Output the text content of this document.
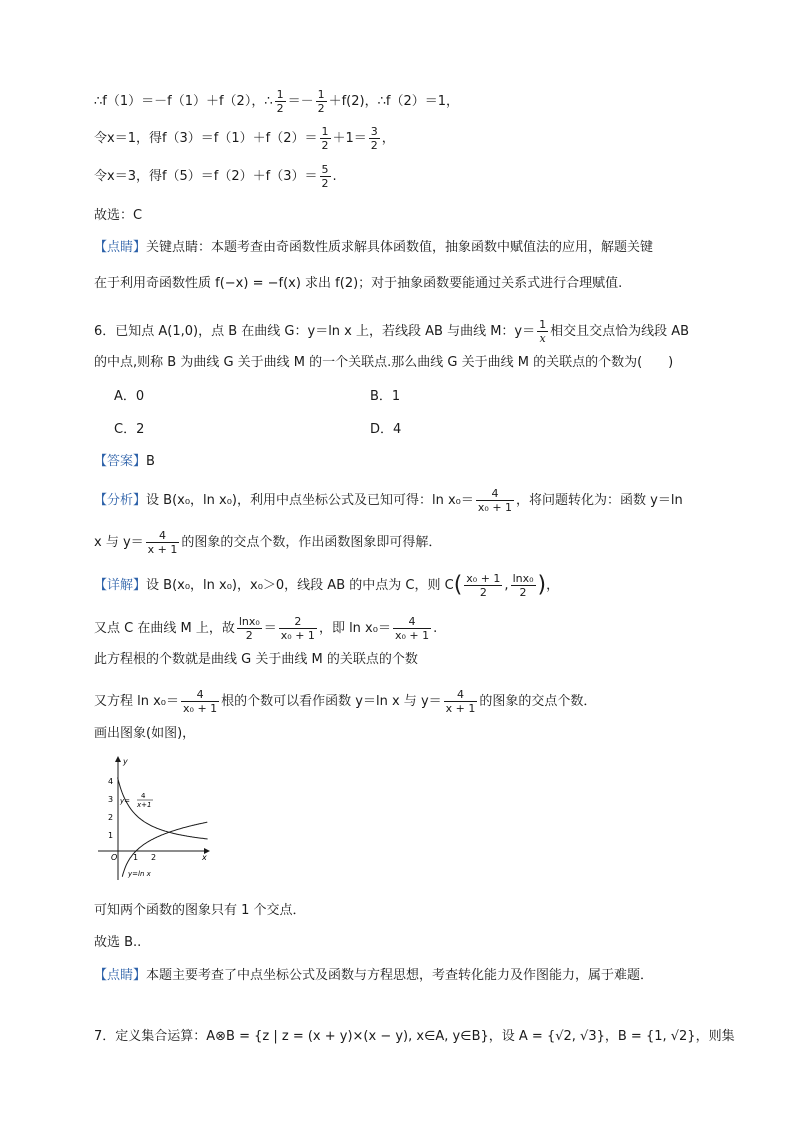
∴f（1）＝－f（1）＋f（2），∴ $\frac{1}{2} =- \frac{1}{2} +f(2)$，∴f（2）＝1，
令x＝1，得$f(3)=f(1)+f(2)= \frac{1}{2} +1= \frac{3}{2}$ ，
令x＝3，得$f(5)=f(2)+f(3)= \frac{5}{2}$ .
故选：C
【点睛】关键点睛：本题考查由奇函数性质求解具体函数值，抽象函数中赋值法的应用，解题关键
在于利用奇函数性质 f(−x) = −f(x) 求出 f(2)；对于抽象函数要能通过关系式进行合理赋值.
6．已知点 A(1,0)，点 B 在曲线 G：y＝ln x 上，若线段 AB 与曲线 M：$y= \frac{1}{x}$ 相交且交点恰为线段 AB
的中点,则称 B 为曲线 G 关于曲线 M 的一个关联点.那么曲线 G 关于曲线 M 的关联点的个数为(　　)
A．0	B．1
C．2	D．4
【答案】B
【分析】设 B(x₀，ln x₀)，利用中点坐标公式及已知可得：$\ln x_0= \frac{4}{\text{x₀ + 1}}$ ，将问题转化为：函数 y＝ln
x 与 $y= \frac{4}{x + 1}$ 的图象的交点个数，作出函数图象即可得解．
【详解】设 B(x₀，ln x₀)，x₀＞0，线段 AB 的中点为 C，则 $C( \frac{\text{x₀ + 1}}{2}$ , $\frac{\text{lnx₀}}{2}$ )，
又点 C 在曲线 M 上，故 $\frac{\text{lnx₀}}{2} = \frac{2}{\text{x₀ + 1}}$ ，即 $\ln x_0= \frac{4}{\text{x₀ + 1}}$ .
此方程根的个数就是曲线 G 关于曲线 M 的关联点的个数
又方程 $\ln x_0= \frac{4}{\text{x₀ + 1}}$ 根的个数可以看作函数 y＝ln x 与 $y= \frac{4}{x + 1}$ 的图象的交点个数．
画出图象(如图)，
y
x
O
4
3
2
1
1 2
y=
4
x+1
y=ln x
可知两个函数的图象只有 1 个交点．
故选 B..
【点睛】本题主要考查了中点坐标公式及函数与方程思想，考查转化能力及作图能力，属于难题．
7．定义集合运算：A⊗B = {z | z = (x + y)×(x − y), x∈A, y∈B}，设 A = {√2, √3}，B = {1, √2}，则集
